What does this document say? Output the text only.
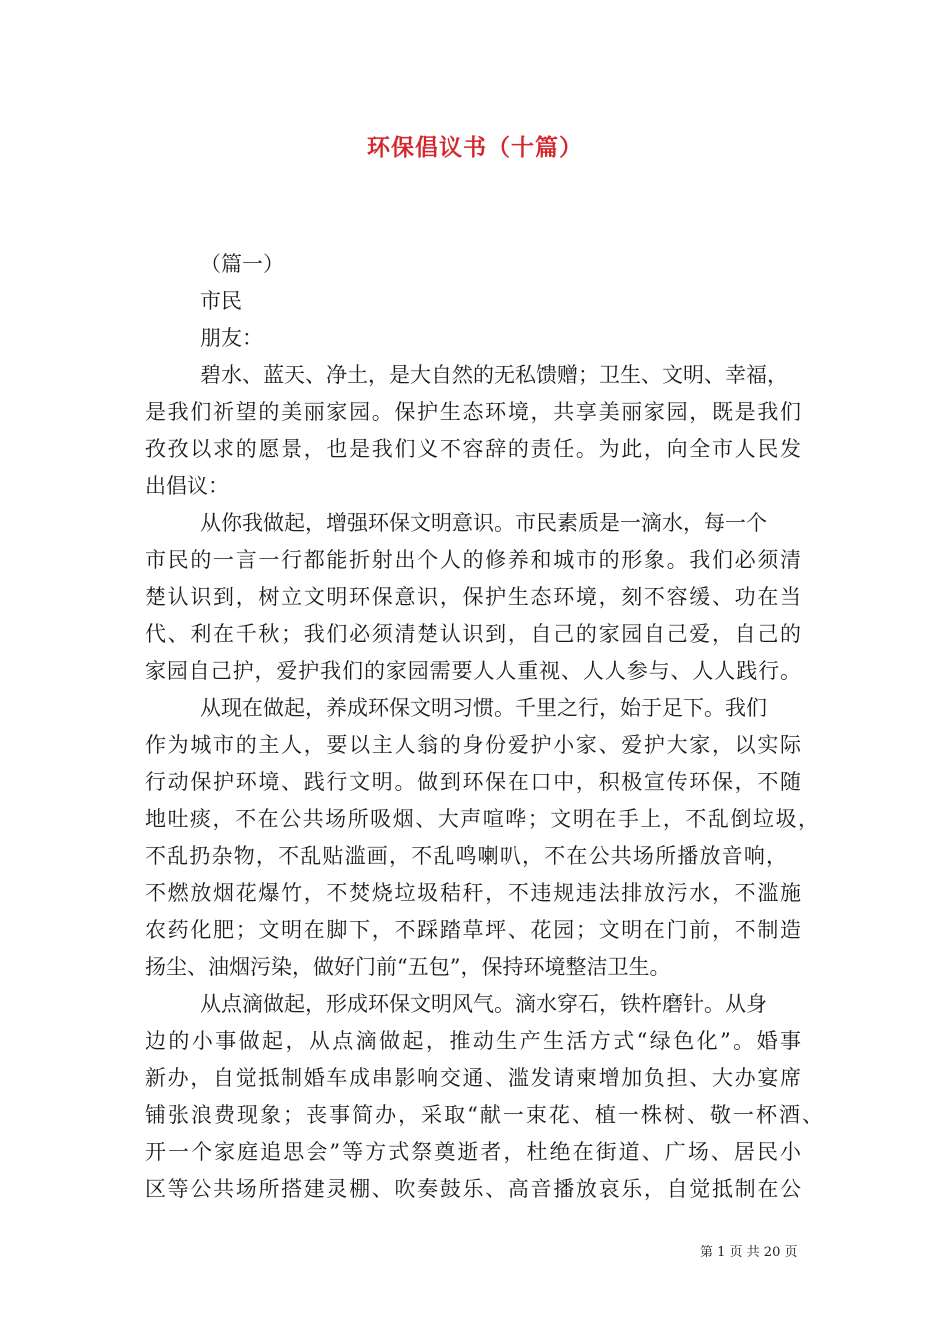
环保倡议书（十篇）
（篇一）
市民
朋友：
碧水、蓝天、净土，是大自然的无私馈赠；卫生、文明、幸福，
是我们祈望的美丽家园。保护生态环境，共享美丽家园，既是我们
孜孜以求的愿景，也是我们义不容辞的责任。为此，向全市人民发
出倡议：
从你我做起，增强环保文明意识。市民素质是一滴水，每一个
市民的一言一行都能折射出个人的修养和城市的形象。我们必须清
楚认识到，树立文明环保意识，保护生态环境，刻不容缓、功在当
代、利在千秋；我们必须清楚认识到，自己的家园自己爱，自己的
家园自己护，爱护我们的家园需要人人重视、人人参与、人人践行。
从现在做起，养成环保文明习惯。千里之行，始于足下。我们
作为城市的主人，要以主人翁的身份爱护小家、爱护大家，以实际
行动保护环境、践行文明。做到环保在口中，积极宣传环保，不随
地吐痰，不在公共场所吸烟、大声喧哗；文明在手上，不乱倒垃圾，
不乱扔杂物，不乱贴滥画，不乱鸣喇叭，不在公共场所播放音响，
不燃放烟花爆竹，不焚烧垃圾秸秆，不违规违法排放污水，不滥施
农药化肥；文明在脚下，不踩踏草坪、花园；文明在门前，不制造
扬尘、油烟污染，做好门前“五包”，保持环境整洁卫生。
从点滴做起，形成环保文明风气。滴水穿石，铁杵磨针。从身
边的小事做起，从点滴做起，推动生产生活方式“绿色化”。婚事
新办，自觉抵制婚车成串影响交通、滥发请柬增加负担、大办宴席
铺张浪费现象；丧事简办，采取“献一束花、植一株树、敬一杯酒、
开一个家庭追思会”等方式祭奠逝者，杜绝在街道、广场、居民小
区等公共场所搭建灵棚、吹奏鼓乐、高音播放哀乐，自觉抵制在公
第 1 页 共 20 页
